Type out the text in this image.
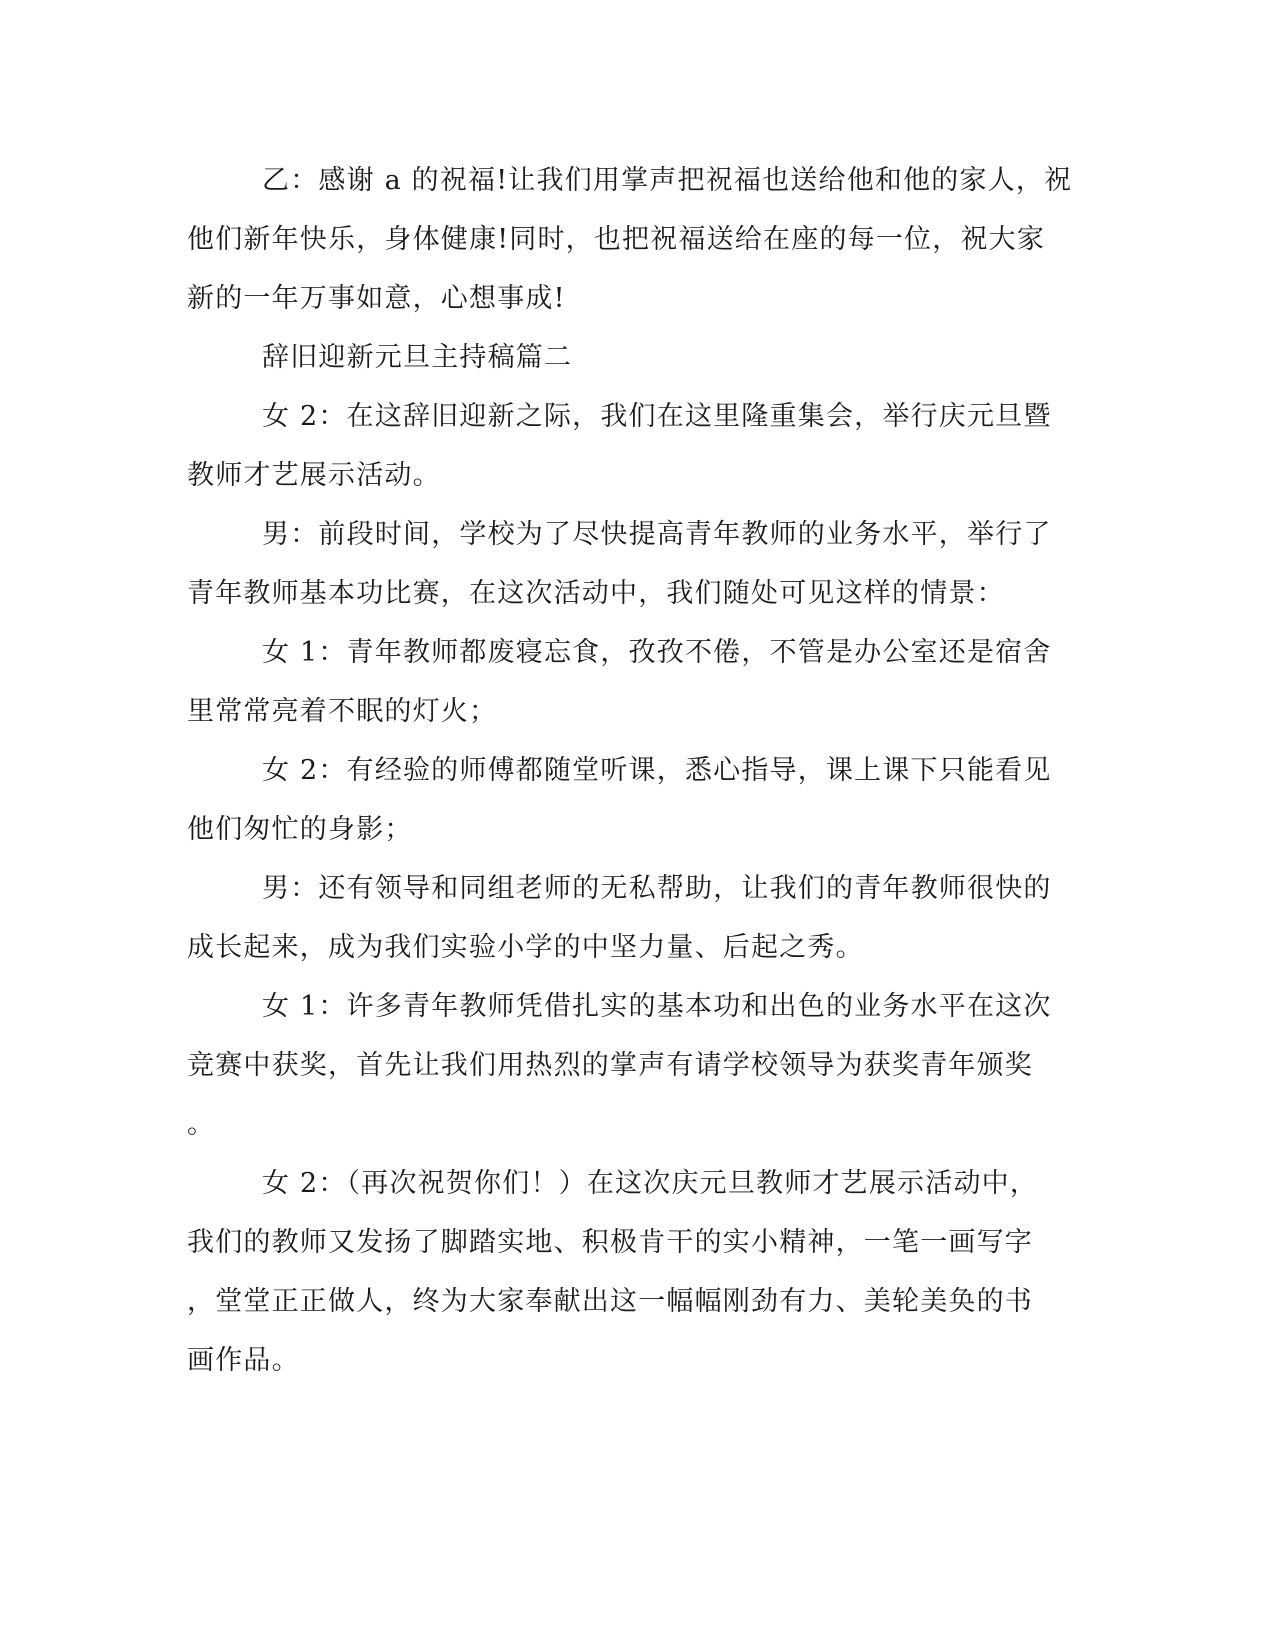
乙：感谢 a 的祝福!让我们用掌声把祝福也送给他和他的家人，祝

他们新年快乐，身体健康!同时，也把祝福送给在座的每一位，祝大家

新的一年万事如意，心想事成!

辞旧迎新元旦主持稿篇二

女 2：在这辞旧迎新之际，我们在这里隆重集会，举行庆元旦暨

教师才艺展示活动。

男：前段时间，学校为了尽快提高青年教师的业务水平，举行了

青年教师基本功比赛，在这次活动中，我们随处可见这样的情景：

女 1：青年教师都废寝忘食，孜孜不倦，不管是办公室还是宿舍

里常常亮着不眠的灯火；

女 2：有经验的师傅都随堂听课，悉心指导，课上课下只能看见

他们匆忙的身影；

男：还有领导和同组老师的无私帮助，让我们的青年教师很快的

成长起来，成为我们实验小学的中坚力量、后起之秀。

女 1：许多青年教师凭借扎实的基本功和出色的业务水平在这次

竞赛中获奖，首先让我们用热烈的掌声有请学校领导为获奖青年颁奖

。

女 2：（再次祝贺你们！）在这次庆元旦教师才艺展示活动中，

我们的教师又发扬了脚踏实地、积极肯干的实小精神，一笔一画写字

，堂堂正正做人，终为大家奉献出这一幅幅刚劲有力、美轮美奂的书

画作品。
